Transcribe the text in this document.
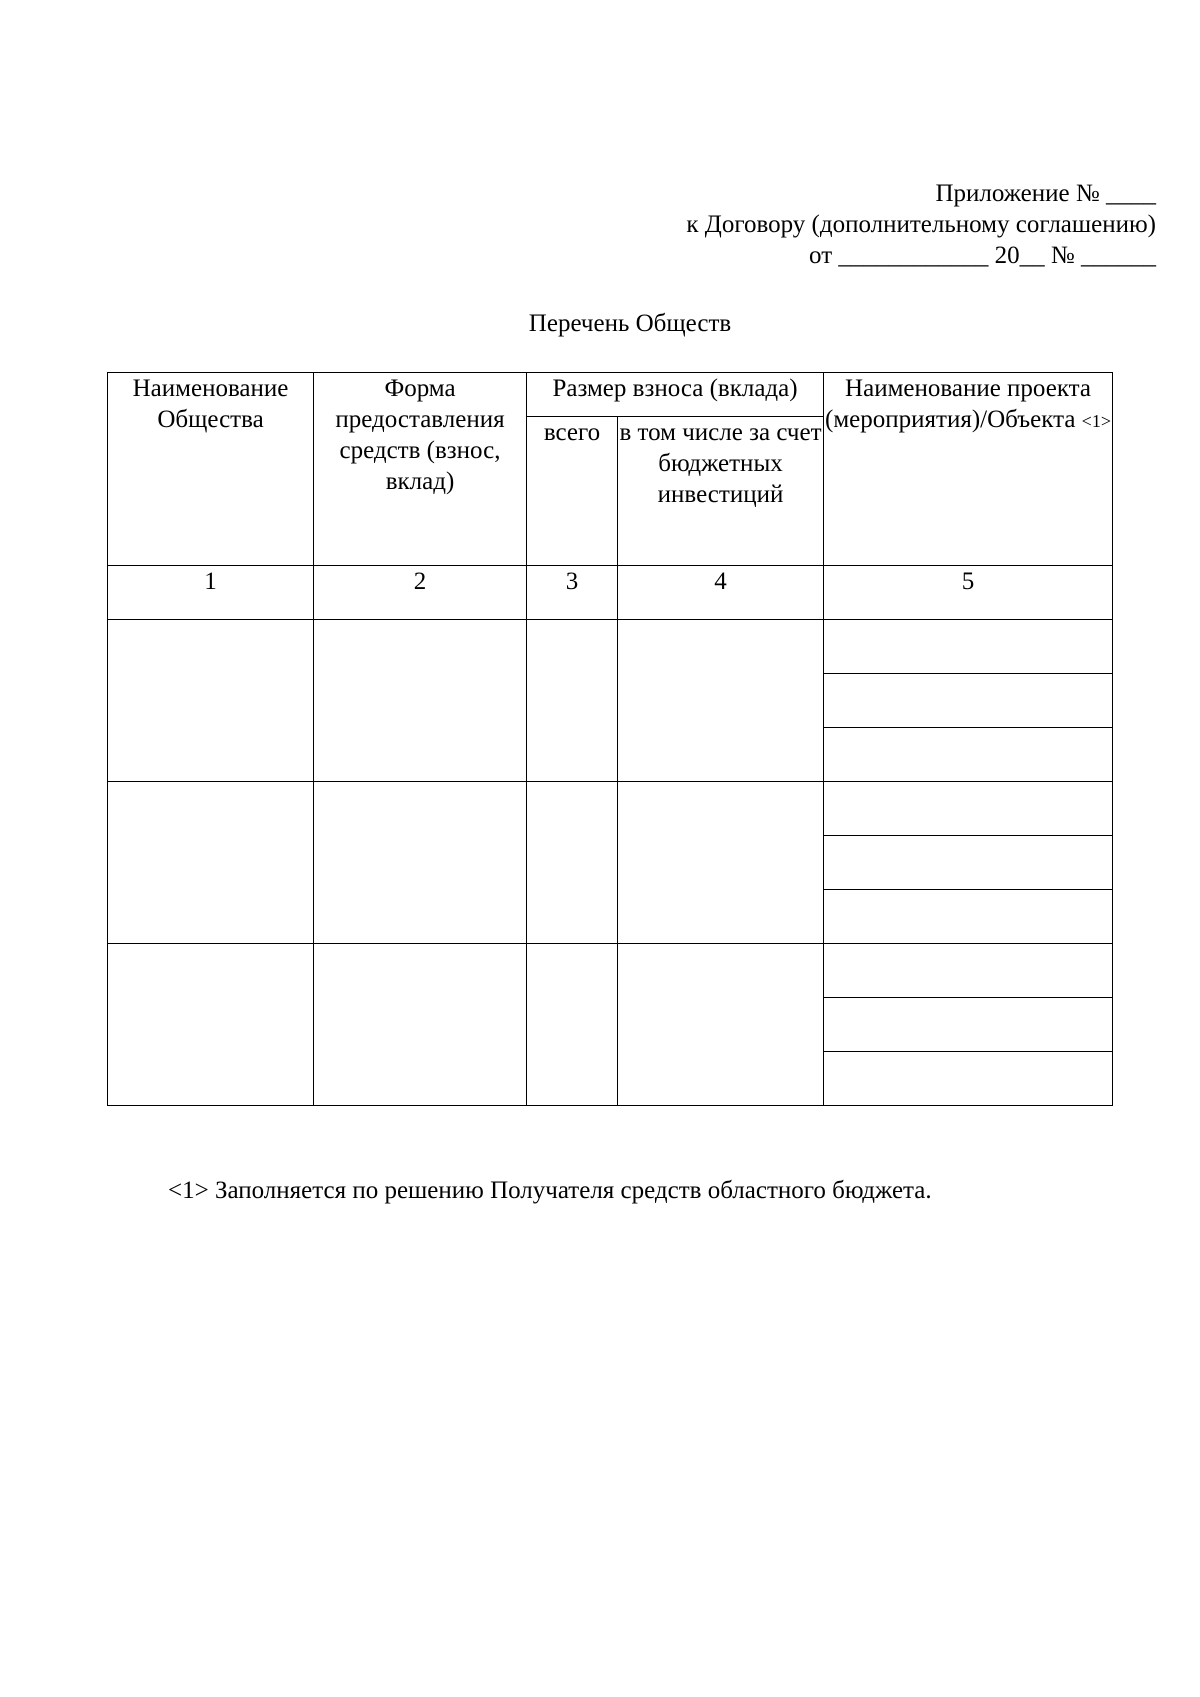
Приложение № ____
к Договору (дополнительному соглашению)
от ____________ 20__ № ______
Перечень Обществ
Наименование Общества	Форма предоставления средств (взнос, вклад)	Размер взноса (вклада)	Наименование проекта (мероприятия)/Объекта <1>
всего	в том числе за счет бюджетных инвестиций
1	2	3	4	5

<1> Заполняется по решению Получателя средств областного бюджета.
